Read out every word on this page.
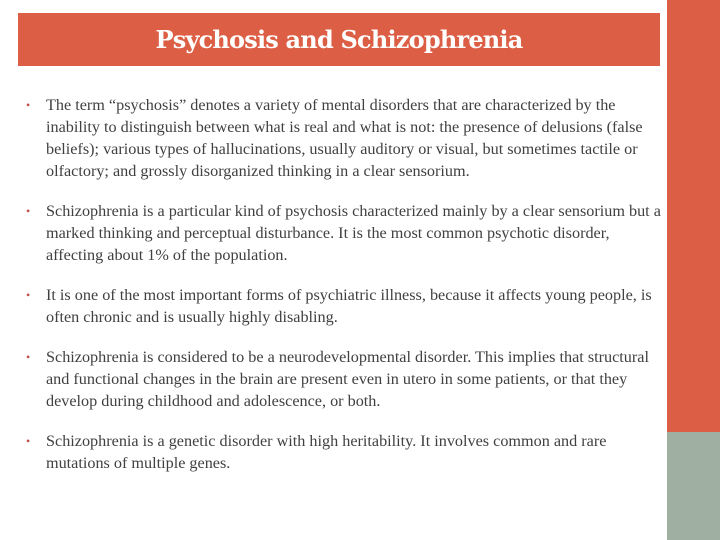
Psychosis and Schizophrenia
• The term “psychosis” denotes a variety of mental disorders that are characterized by the inability to distinguish between what is real and what is not: the presence of delusions (false beliefs); various types of hallucinations, usually auditory or visual, but sometimes tactile or olfactory; and grossly disorganized thinking in a clear sensorium.
• Schizophrenia is a particular kind of psychosis characterized mainly by a clear sensorium but a marked thinking and perceptual disturbance. It is the most common psychotic disorder, affecting about 1% of the population.
• It is one of the most important forms of psychiatric illness, because it affects young people, is often chronic and is usually highly disabling.
• Schizophrenia is considered to be a neurodevelopmental disorder. This implies that structural and functional changes in the brain are present even in utero in some patients, or that they develop during childhood and adolescence, or both.
• Schizophrenia is a genetic disorder with high heritability. It involves common and rare mutations of multiple genes.
